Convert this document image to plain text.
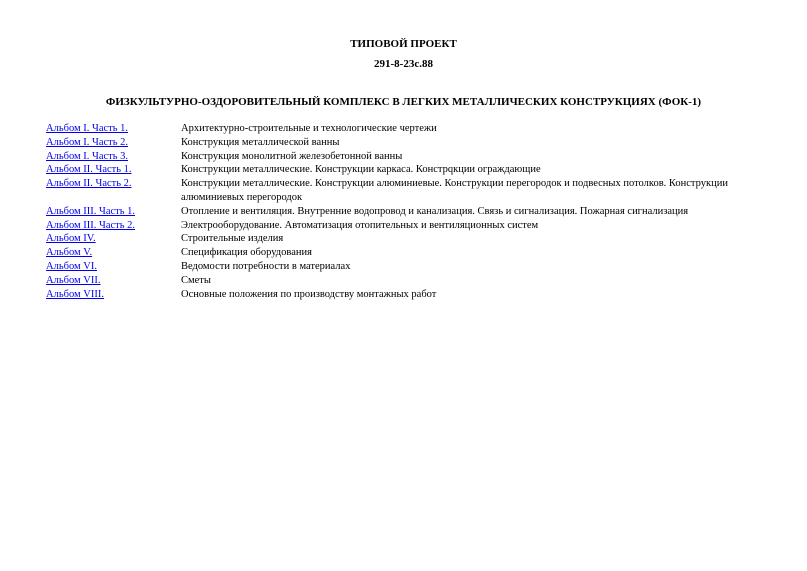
ТИПОВОЙ ПРОЕКТ
291-8-23с.88
ФИЗКУЛЬТУРНО-ОЗДОРОВИТЕЛЬНЫЙ КОМПЛЕКС В ЛЕГКИХ МЕТАЛЛИЧЕСКИХ КОНСТРУКЦИЯХ (ФОК-1)
Альбом I. Часть 1.	Архитектурно-строительные и технологические чертежи
Альбом I. Часть 2.	Конструкция металлической ванны
Альбом I. Часть 3.	Конструкция монолитной железобетонной ванны
Альбом II. Часть 1.	Конструкции металлические. Конструкции каркаса. Констрqкции ограждающие
Альбом II. Часть 2.	Конструкции металлические. Конструкции алюминиевые. Конструкции перегородок и подвесных потолков. Конструкции алюминиевых перегородок
Альбом III. Часть 1.	Отопление и вентиляция. Внутренние водопровод и канализация. Связь и сигнализация. Пожарная сигнализация
Альбом III. Часть 2.	Электрооборудование. Автоматизация отопительных и вентиляционных систем
Альбом IV.	Строительные изделия
Альбом V.	Спецификация оборудования
Альбом VI.	Ведомости потребности в материалах
Альбом VII.	Сметы
Альбом VIII.	Основные положения по производству монтажных работ
